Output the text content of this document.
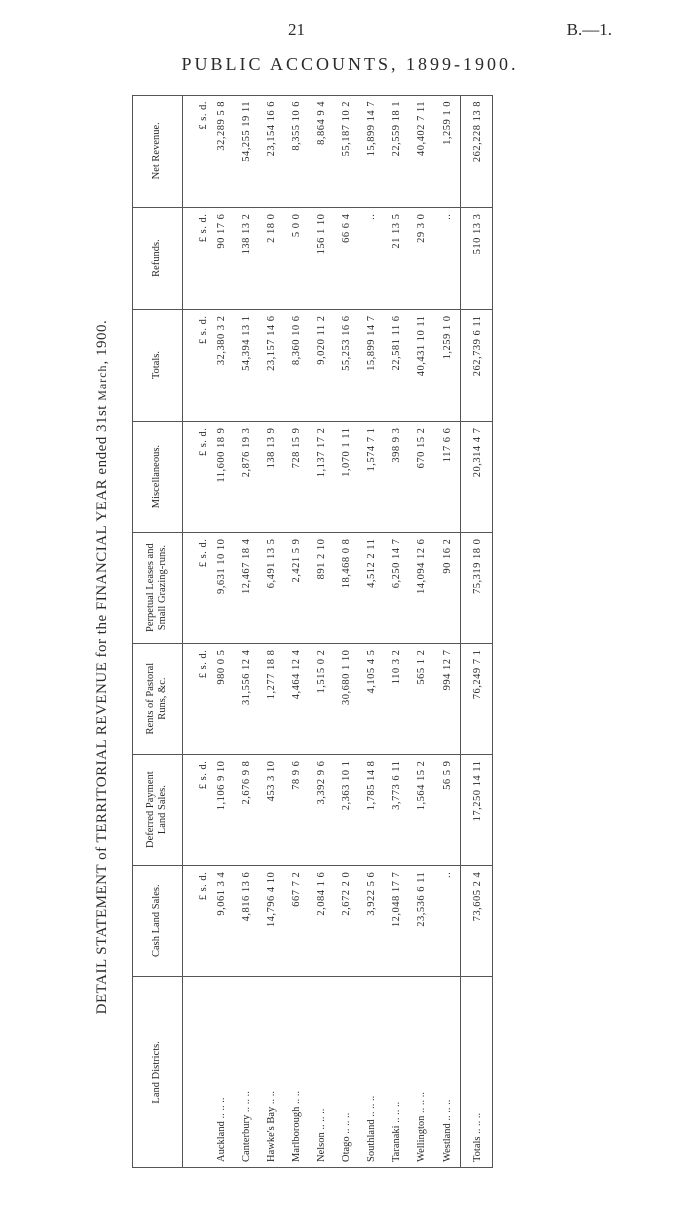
21	B.—1.
PUBLIC ACCOUNTS, 1899-1900.
DETAIL STATEMENT of TERRITORIAL REVENUE for the FINANCIAL YEAR ended 31st March, 1900.
Land Districts.	Cash Land Sales.	Deferred Payment Land Sales.	Rents of Pastoral Runs, &c.	Perpetual Leases and Small Grazing-runs.	Miscellaneous.	Totals.	Refunds.	Net Revenue.
	£ s. d.	£ s. d.	£ s. d.	£ s. d.	£ s. d.	£ s. d.	£ s. d.	£ s. d.
Auckland .. .. ..	9,061 3 4	1,106 9 10	980 0 5	9,631 10 10	11,600 18 9	32,380 3 2	90 17 6	32,289 5 8
Canterbury .. .. ..	4,816 13 6	2,676 9 8	31,556 12 4	12,467 18 4	2,876 19 3	54,394 13 1	138 13 2	54,255 19 11
Hawke's Bay .. ..	14,796 4 10	453 3 10	1,277 18 8	6,491 13 5	138 13 9	23,157 14 6	2 18 0	23,154 16 6
Marlborough .. ..	667 7 2	78 9 6	4,464 12 4	2,421 5 9	728 15 9	8,360 10 6	5 0 0	8,355 10 6
Nelson .. .. ..	2,084 1 6	3,392 9 6	1,515 0 2	891 2 10	1,137 17 2	9,020 11 2	156 1 10	8,864 9 4
Otago .. .. ..	2,672 2 0	2,363 10 1	30,680 1 10	18,468 0 8	1,070 1 11	55,253 16 6	66 6 4	55,187 10 2
Southland .. .. ..	3,922 5 6	1,785 14 8	4,105 4 5	4,512 2 11	1,574 7 1	15,899 14 7	..	15,899 14 7
Taranaki .. .. ..	12,048 17 7	3,773 6 11	110 3 2	6,250 14 7	398 9 3	22,581 11 6	21 13 5	22,559 18 1
Wellington .. .. ..	23,536 6 11	1,564 15 2	565 1 2	14,094 12 6	670 15 2	40,431 10 11	29 3 0	40,402 7 11
Westland .. .. ..	..	56 5 9	994 12 7	90 16 2	117 6 6	1,259 1 0	..	1,259 1 0
Totals .. .. ..	73,605 2 4	17,250 14 11	76,249 7 1	75,319 18 0	20,314 4 7	262,739 6 11	510 13 3	262,228 13 8
